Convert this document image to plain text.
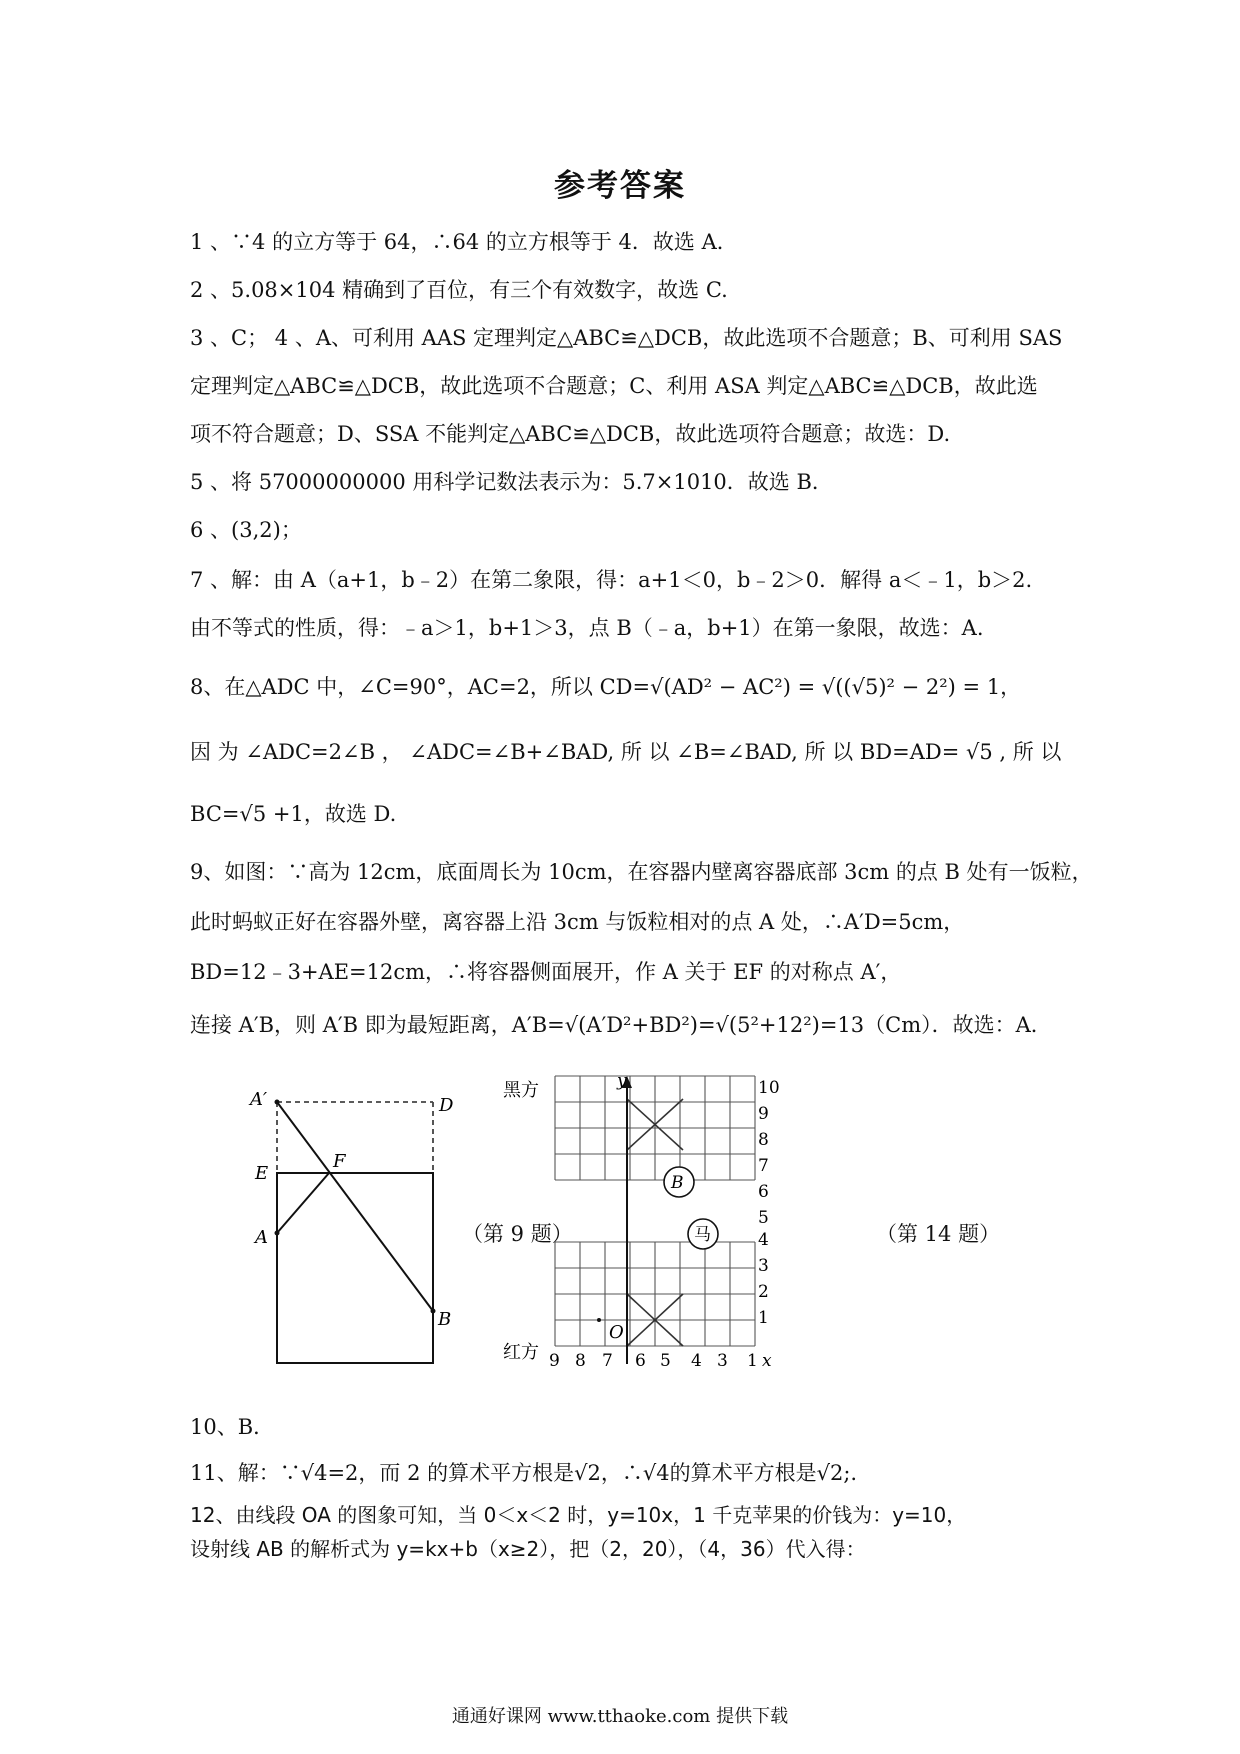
参考答案
1 、∵4 的立方等于 64，∴64 的立方根等于 4．故选 A．
2 、5.08×104 精确到了百位，有三个有效数字，故选 C.
3 、C； 4 、A、可利用 AAS 定理判定△ABC≌△DCB，故此选项不合题意；B、可利用 SAS
定理判定△ABC≌△DCB，故此选项不合题意；C、利用 ASA 判定△ABC≌△DCB，故此选
项不符合题意；D、SSA 不能判定△ABC≌△DCB，故此选项符合题意；故选：D.
5 、将 57000000000 用科学记数法表示为：5.7×1010．故选 B．
6 、(3,2)；
7 、解：由 A（a+1，b﹣2）在第二象限，得：a+1＜0，b﹣2＞0．解得 a＜﹣1，b＞2.
由不等式的性质，得：﹣a＞1，b+1＞3，点 B（﹣a，b+1）在第一象限，故选：A.
8、在△ADC 中，∠C=90°，AC=2，所以 CD=√(AD² − AC²) = √((√5)² − 2²) = 1，
因 为 ∠ADC=2∠B ， ∠ADC=∠B+∠BAD, 所 以 ∠B=∠BAD, 所 以 BD=AD= √5 , 所 以
BC=√5 +1，故选 D.
9、如图：∵高为 12cm，底面周长为 10cm，在容器内壁离容器底部 3cm 的点 B 处有一饭粒，
此时蚂蚁正好在容器外壁，离容器上沿 3cm 与饭粒相对的点 A 处，∴A′D=5cm，
BD=12﹣3+AE=12cm，∴将容器侧面展开，作 A 关于 EF 的对称点 A′，
连接 A′B，则 A′B 即为最短距离，A′B=√(A′D²+BD²)=√(5²+12²)=13（Cm）．故选：A．
A′	D
E
F
A
B
（第 9 题）
y
x
O
B
马
黑方
红方
10
9
8
7
6
5
4
3
2
1
9 8 7 6 5 4 3 1
（第 14 题）
10、B．
11、解：∵√4=2，而 2 的算术平方根是√2，∴√4的算术平方根是√2;.
12、由线段 OA 的图象可知，当 0＜x＜2 时，y=10x，1 千克苹果的价钱为：y=10，
设射线 AB 的解析式为 y=kx+b（x≥2），把（2，20），（4，36）代入得：
通通好课网 www.tthaoke.com 提供下载
